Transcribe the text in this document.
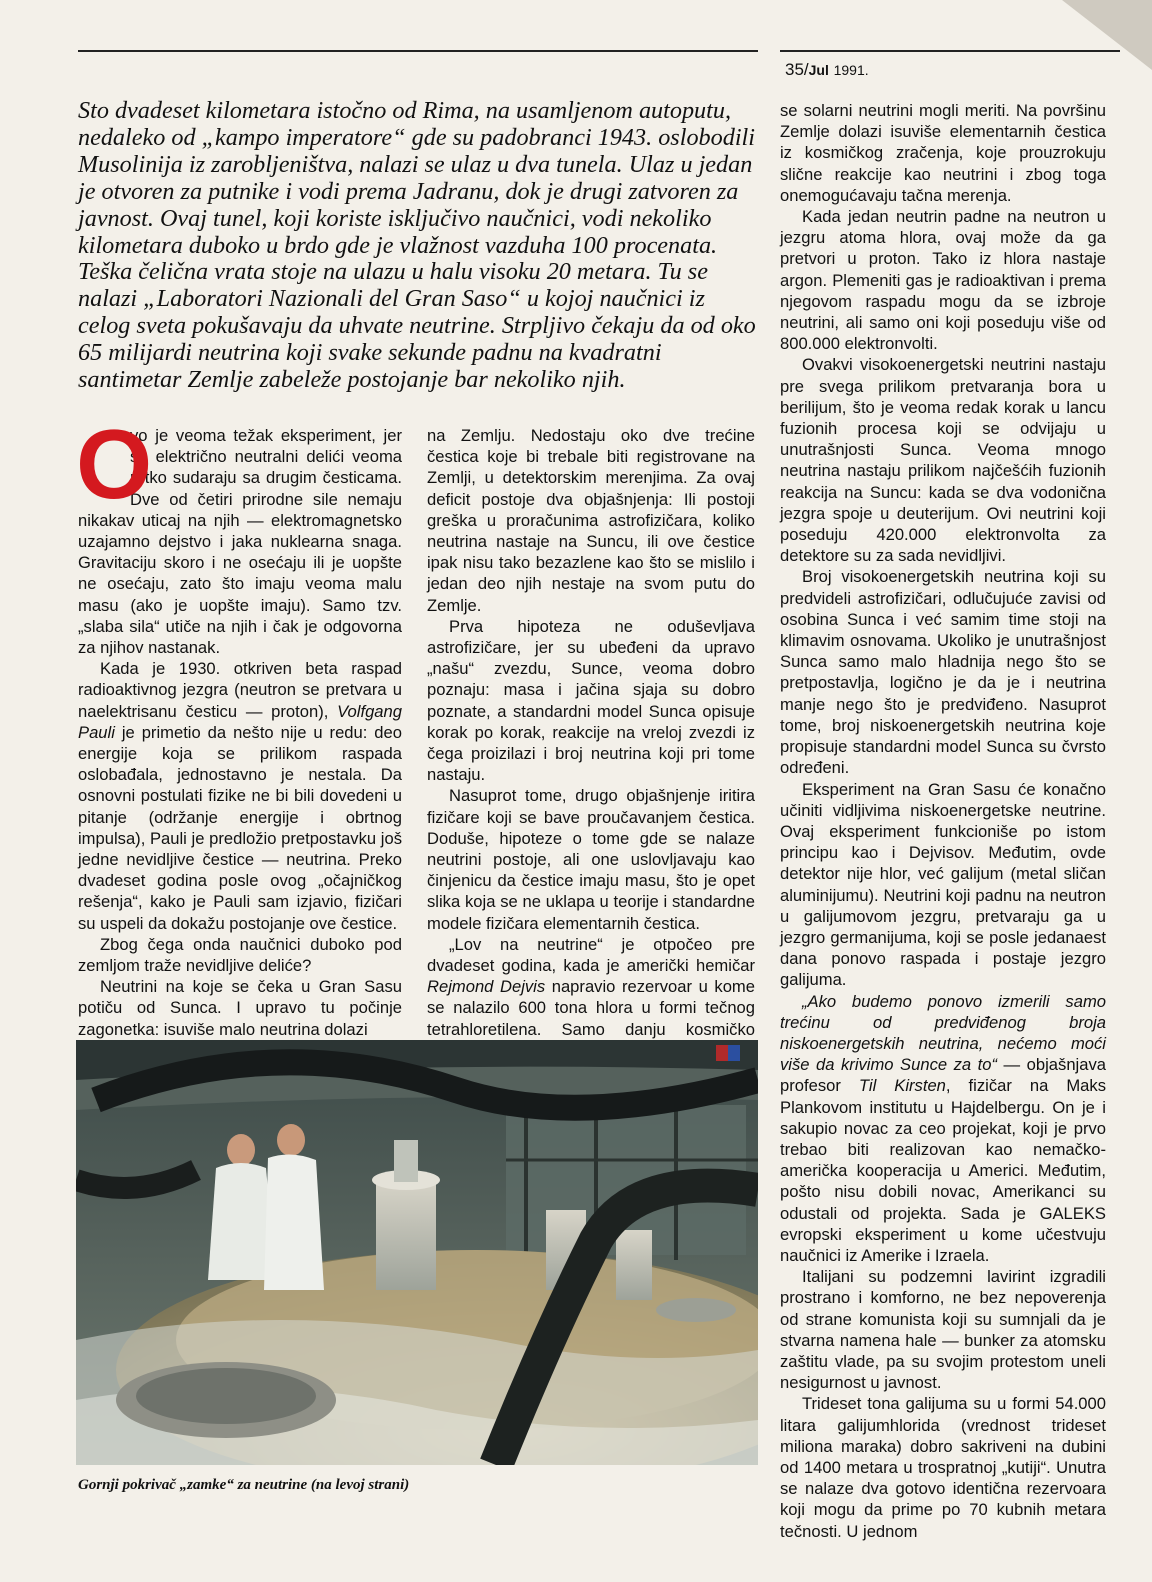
35/Jul 1991.
Sto dvadeset kilometara istočno od Rima, na usamljenom autoputu, nedaleko od „kampo imperatore“ gde su padobranci 1943. oslobodili Musolinija iz zarobljeništva, nalazi se ulaz u dva tunela. Ulaz u jedan je otvoren za putnike i vodi prema Jadranu, dok je drugi zatvoren za javnost. Ovaj tunel, koji koriste isključivo naučnici, vodi nekoliko kilometara duboko u brdo gde je vlažnost vazduha 100 procenata. Teška čelična vrata stoje na ulazu u halu visoku 20 metara. Tu se nalazi „Laboratori Nazionali del Gran Saso“ u kojoj naučnici iz celog sveta pokušavaju da uhvate neutrine. Strpljivo čekaju da od oko 65 milijardi neutrina koji svake sekunde padnu na kvadratni santimetar Zemlje zabeleže postojanje bar nekoliko njih.

O
vo je veoma težak eksperiment, jer se električno neutralni delići veoma retko sudaraju sa drugim česticama. Dve od četiri prirodne sile nemaju nikakav uticaj na njih — elektromagnetsko uzajamno dejstvo i jaka nuklearna snaga. Gravitaciju skoro i ne osećaju ili je uopšte ne osećaju, zato što imaju veoma malu masu (ako je uopšte imaju). Samo tzv. „slaba sila“ utiče na njih i čak je odgovorna za njihov nastanak.

Kada je 1930. otkriven beta raspad radioaktivnog jezgra (neutron se pretvara u naelektrisanu česticu — proton), Volfgang Pauli je primetio da nešto nije u redu: deo energije koja se prilikom raspada oslobađala, jednostavno je nestala. Da osnovni postulati fizike ne bi bili dovedeni u pitanje (održanje energije i obrtnog impulsa), Pauli je predložio pretpostavku još jedne nevidljive čestice — neutrina. Preko dvadeset godina posle ovog „očajničkog rešenja“, kako je Pauli sam izjavio, fizičari su uspeli da dokažu postojanje ove čestice.

Zbog čega onda naučnici duboko pod zemljom traže nevidljive deliće?

Neutrini na koje se čeka u Gran Sasu potiču od Sunca. I upravo tu počinje zagonetka: isuviše malo neutrina dolazi

na Zemlju. Nedostaju oko dve trećine čestica koje bi trebale biti registrovane na Zemlji, u detektorskim merenjima. Za ovaj deficit postoje dva objašnjenja: Ili postoji greška u proračunima astrofizičara, koliko neutrina nastaje na Suncu, ili ove čestice ipak nisu tako bezazlene kao što se mislilo i jedan deo njih nestaje na svom putu do Zemlje.

Prva hipoteza ne oduševljava astrofizičare, jer su ubeđeni da upravo „našu“ zvezdu, Sunce, veoma dobro poznaju: masa i jačina sjaja su dobro poznate, a standardni model Sunca opisuje korak po korak, reakcije na vrelој zvezdi iz čega proizilazi i broj neutrina koji pri tome nastaju.

Nasuprot tome, drugo objašnjenje iritira fizičare koji se bave proučavanjem čestica. Doduše, hipoteze o tome gde se nalaze neutrini postoje, ali one uslovljavaju kao činjenicu da čestice imaju masu, što je opet slika koja se ne uklapa u teorije i standardne modele fizičara elementarnih čestica.

„Lov na neutrine“ je otpočeo pre dvadeset godina, kada je američki hemičar Rejmond Dejvis napravio rezervoar u kome se nalazilo 600 tona hlora u formi tečnog tetrahloretilena. Samo danju kosmičko

se solarni neutrini mogli meriti. Na površinu Zemlje dolazi isuviše elementarnih čestica iz kosmičkog zračenja, koje prouzrokuju slične reakcije kao neutrini i zbog toga onemogućavaju tačna merenja.

Kada jedan neutrin padne na neutron u jezgru atoma hlora, ovaj može da ga pretvori u proton. Tako iz hlora nastaje argon. Plemeniti gas je radioaktivan i prema njegovom raspadu mogu da se izbroje neutrini, ali samo oni koji poseduju više od 800.000 elektronvolti.

Ovakvi visokoenergetski neutrini nastaju pre svega prilikom pretvaranja bora u berilijum, što je veoma redak korak u lancu fuzionih procesa koji se odvijaju u unutrašnjosti Sunca. Veoma mnogo neutrina nastaju prilikom najčešćih fuzionih reakcija na Suncu: kada se dva vodonična jezgra spoje u deuterijum. Ovi neutrini koji poseduju 420.000 elektronvolta za detektore su za sada nevidljivi.

Broj visokoenergetskih neutrina koji su predvideli astrofizičari, odlučujuće zavisi od osobina Sunca i već samim time stoji na klimavim osnovama. Ukoliko je unutrašnjost Sunca samo malo hladnija nego što se pretpostavlja, logično je da je i neutrina manje nego što je predviđeno. Nasuprot tome, broj niskoenergetskih neutrina koje propisuje standardni model Sunca su čvrsto određeni.

Eksperiment na Gran Sasu će konačno učiniti vidljivima niskoenergetske neutrine. Ovaj eksperiment funkcioniše po istom principu kao i Dejvisov. Međutim, ovde detektor nije hlor, već galijum (metal sličan aluminijumu). Neutrini koji padnu na neutron u galijumovom jezgru, pretvaraju ga u jezgro germanijuma, koji se posle jedanaest dana ponovo raspada i postaje jezgro galijuma.

„Ako budemo ponovo izmerili samo trećinu od predviđenog broja niskoenergetskih neutrina, nećemo moći više da krivimo Sunce za to“ — objašnjava profesor Til Kirsten, fizičar na Maks Plankovom institutu u Hajdelbergu. On je i sakupio novac za ceo projekat, koji je prvo trebao biti realizovan kao nemačko-američka kooperacija u Americi. Međutim, pošto nisu dobili novac, Amerikanci su odustali od projekta. Sada je GALEKS evropski eksperiment u kome učestvuju naučnici iz Amerike i Izraela.

Italijani su podzemni lavirint izgradili prostrano i komforno, ne bez nepoverenja od strane komunista koji su sumnjali da je stvarna namena hale — bunker za atomsku zaštitu vlade, pa su svojim protestom uneli nesigurnost u javnost.

Trideset tona galijuma su u formi 54.000 litara galijumhlorida (vrednost trideset miliona maraka) dobro sakriveni na dubini od 1400 metara u trospratnoj „kutiji“. Unutra se nalaze dva gotovo identična rezervoara koji mogu da prime po 70 kubnih metara tečnosti. U jednom

Gornji pokrivač „zamke“ za neutrine (na levoj strani)
